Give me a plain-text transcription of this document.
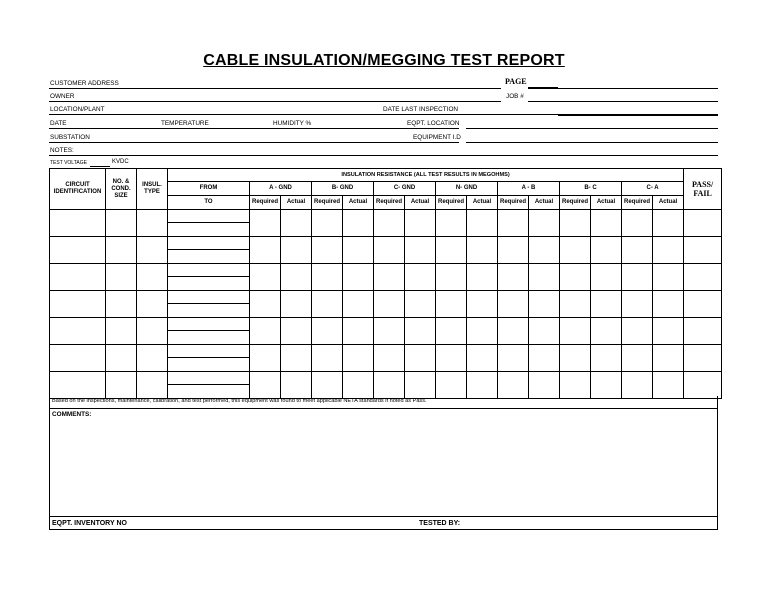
CABLE INSULATION/MEGGING TEST REPORT
CUSTOMER ADDRESS	PAGE
OWNER	JOB #
LOCATION/PLANT	DATE LAST INSPECTION
DATE	TEMPERATURE	HUMIDITY %	EQPT. LOCATION
SUBSTATION	EQUIPMENT I.D
NOTES:
TEST VOLTAGE	KVDC
CIRCUIT IDENTIFICATION	NO. & COND. SIZE	INSUL. TYPE	INSULATION RESISTANCE (ALL TEST RESULTS IN MEGOHMS)															PASS/ FAIL
			FROM	A - GND		B- GND		C- GND		N- GND		A - B		B- C		C- A		
			TO	Required	Actual	Required	Actual	Required	Actual	Required	Actual	Required	Actual	Required	Actual	Required	Actual	

Based on the inspections, maintenance, calibration, and test performed, this equipment was found to meet applicable NETA standards if noted as Pass.
COMMENTS:
EQPT. INVENTORY NO	TESTED BY:
